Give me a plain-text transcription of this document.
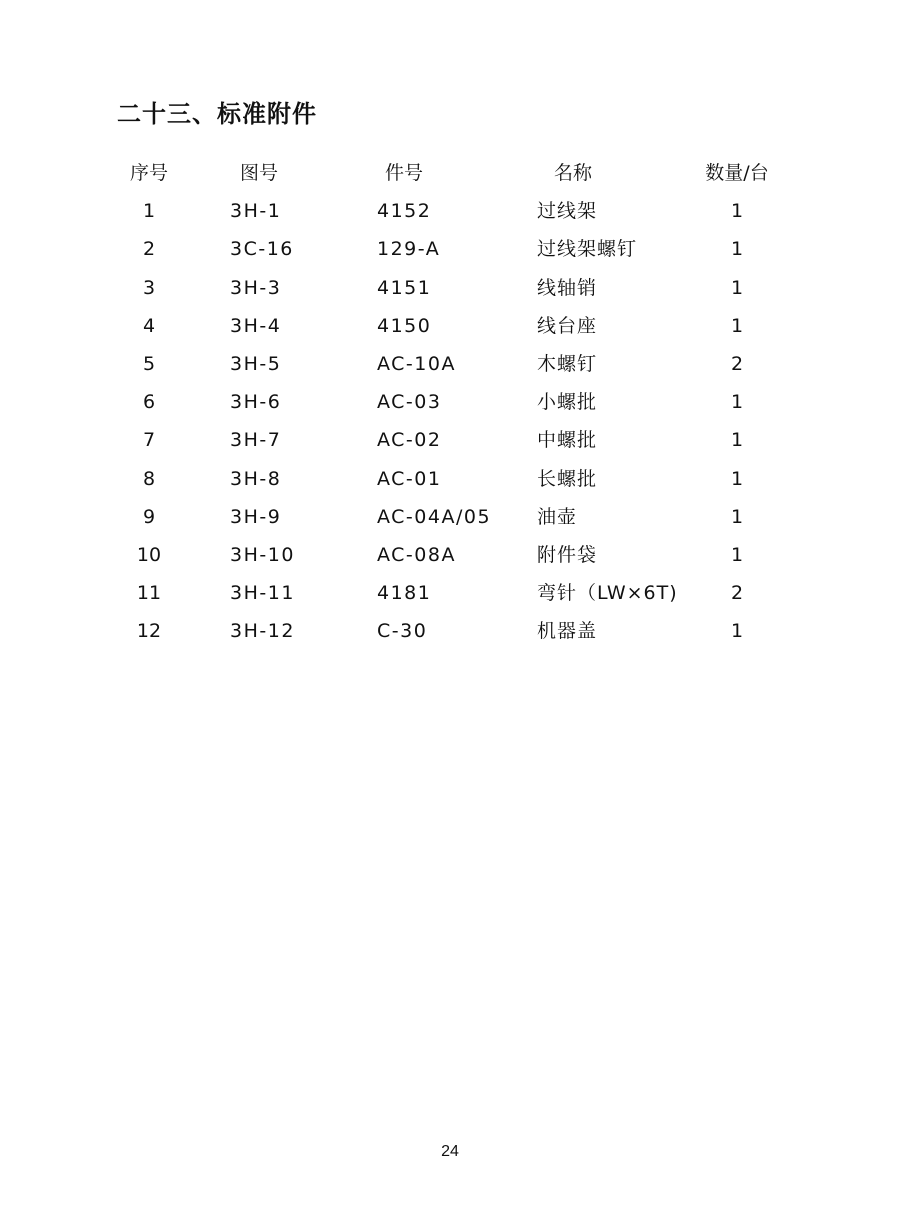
二十三、标准附件
序号	图号	件号	名称	数量/台
1	3H-1	4152	过线架	1
2	3C-16	129-A	过线架螺钉	1
3	3H-3	4151	线轴销	1
4	3H-4	4150	线台座	1
5	3H-5	AC-10A	木螺钉	2
6	3H-6	AC-03	小螺批	1
7	3H-7	AC-02	中螺批	1
8	3H-8	AC-01	长螺批	1
9	3H-9	AC-04A/05 油壶	1
10	3H-10	AC-08A	附件袋	1
11	3H-11	4181	弯针（LW×6T)	2
12	3H-12	C-30	机器盖	1
24
